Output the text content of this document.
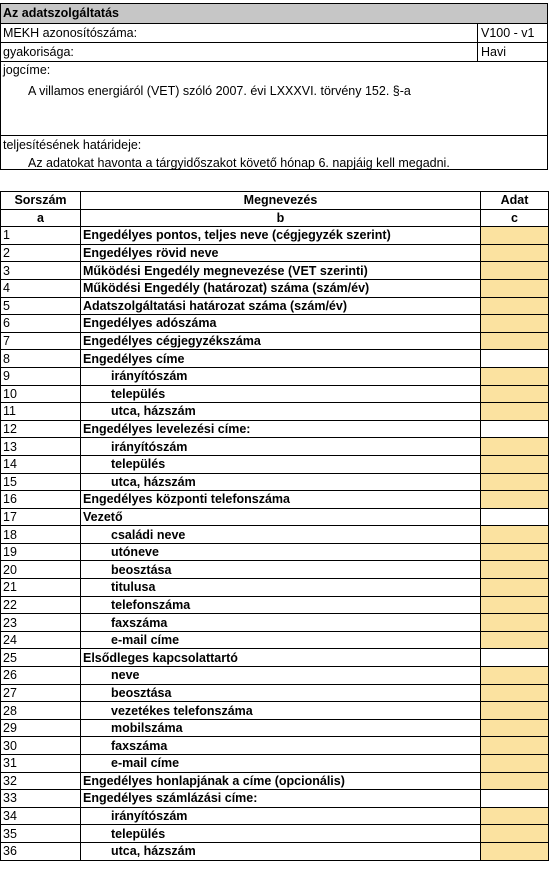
Az adatszolgáltatás
MEKH azonosítószáma:	V100 - v1
gyakorisága:	Havi
jogcíme:
A villamos energiáról (VET) szóló 2007. évi LXXXVI. törvény 152. §-a
teljesítésének határideje:
Az adatokat havonta a tárgyidőszakot követő hónap 6. napjáig kell megadni.
Sorszám	Megnevezés	Adat
a	b	c
1	Engedélyes pontos, teljes neve (cégjegyzék szerint)	
2	Engedélyes rövid neve	
3	Működési Engedély megnevezése (VET szerinti)	
4	Működési Engedély (határozat) száma (szám/év)	
5	Adatszolgáltatási határozat száma (szám/év)	
6	Engedélyes adószáma	
7	Engedélyes cégjegyzékszáma	
8	Engedélyes címe	
9	irányítószám	
10	település	
11	utca, házszám	
12	Engedélyes levelezési címe:	
13	irányítószám	
14	település	
15	utca, házszám	
16	Engedélyes központi telefonszáma	
17	Vezető	
18	családi neve	
19	utóneve	
20	beosztása	
21	titulusa	
22	telefonszáma	
23	faxszáma	
24	e-mail címe	
25	Elsődleges kapcsolattartó	
26	neve	
27	beosztása	
28	vezetékes telefonszáma	
29	mobilszáma	
30	faxszáma	
31	e-mail címe	
32	Engedélyes honlapjának a címe (opcionális)	
33	Engedélyes számlázási címe:	
34	irányítószám	
35	település	
36	utca, házszám	
